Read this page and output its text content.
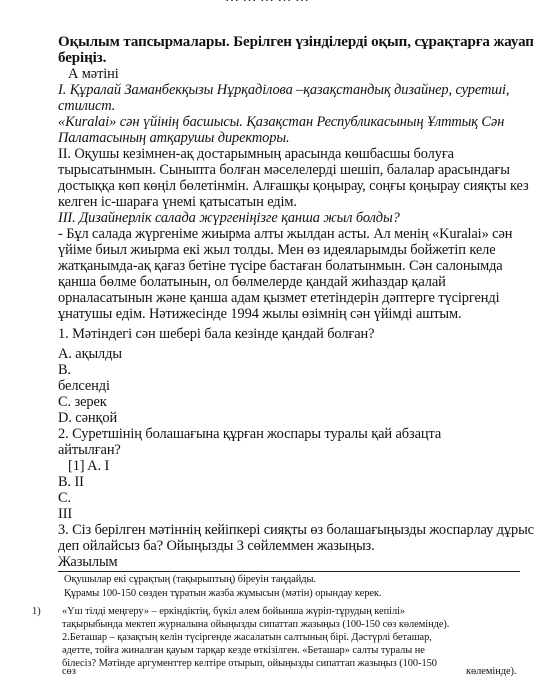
Оқылым тапсырмалары. Берілген үзінділерді оқып, сұрақтарға жауап
беріңіз.
А мәтіні
І. Құралай Заманбекқызы Нұрқаділова –қазақстандық дизайнер, суретші,
стилист.
«Kuralai» сән үйінің басшысы. Қазақстан Республикасының Ұлттық Сән
Палатасының атқарушы директоры.
ІІ. Оқушы кезімнен-ақ достарымның арасында көшбасшы болуға
тырысатынмын. Сыныпта болған мәселелерді шешіп, балалар арасындағы
достыққа көп көңіл бөлетінмін. Алғашқы қоңырау, соңғы қоңырау сияқты кез
келген іс-шараға үнемі қатысатын едім.
ІІІ. Дизайнерлік салада жүргеніңізге қанша жыл болды?
- Бұл салада жүргеніме жиырма алты жылдан асты. Ал менің «Kuralai» сән
үйіме биыл жиырма екі жыл толды. Мен өз идеяларымды бойжетіп келе
жатқанымда-ақ қағаз бетіне түсіре бастаған болатынмын. Сән салонымда
қанша бөлме болатынын, ол бөлмелерде қандай жиһаздар қалай
орналасатынын және қанша адам қызмет ететіндерін дәптерге түсіргенді
ұнатушы едім. Нәтижесінде 1994 жылы өзімнің сән үйімді аштым.
1. Мәтіндегі сән шебері бала кезінде қандай болған?
A. ақылды
B.
белсенді
C. зерек
D. сәнқой
2. Суретшінің болашағына құрған жоспары туралы қай абзацта
айтылған?
[1] A. І
B. ІІ
C.
ІІІ
3. Сіз берілген мәтіннің кейіпкері сияқты өз болашағыңызды жоспарлау дұрыс
деп ойлайсыз ба? Ойыңызды 3 сөйлеммен жазыңыз.
Жазылым
Оқушылар екі сұрақтың (тақырыптың) біреуін таңдайды.
Құрамы 100-150 сөзден тұратын жазба жұмысын (мәтін) орындау керек.
1) «Үш тілді меңгеру» – еркіндіктің, бүкіл әлем бойынша жүріп-тұрудың кепілі»
тақырыбында мектеп журналына ойыңызды сипаттап жазыңыз (100-150 сөз көлемінде).
2.Беташар – қазақтың келін түсіргенде жасалатын салтының бірі. Дәстүрлі беташар,
әдетте, тойға жиналған қауым тарқар кезде өткізілген. «Беташар» салты туралы не
білесіз? Мәтінде аргументтер келтіре отырып, ойыңызды сипаттап жазыңыз (100-150
сөз	көлемінде).
